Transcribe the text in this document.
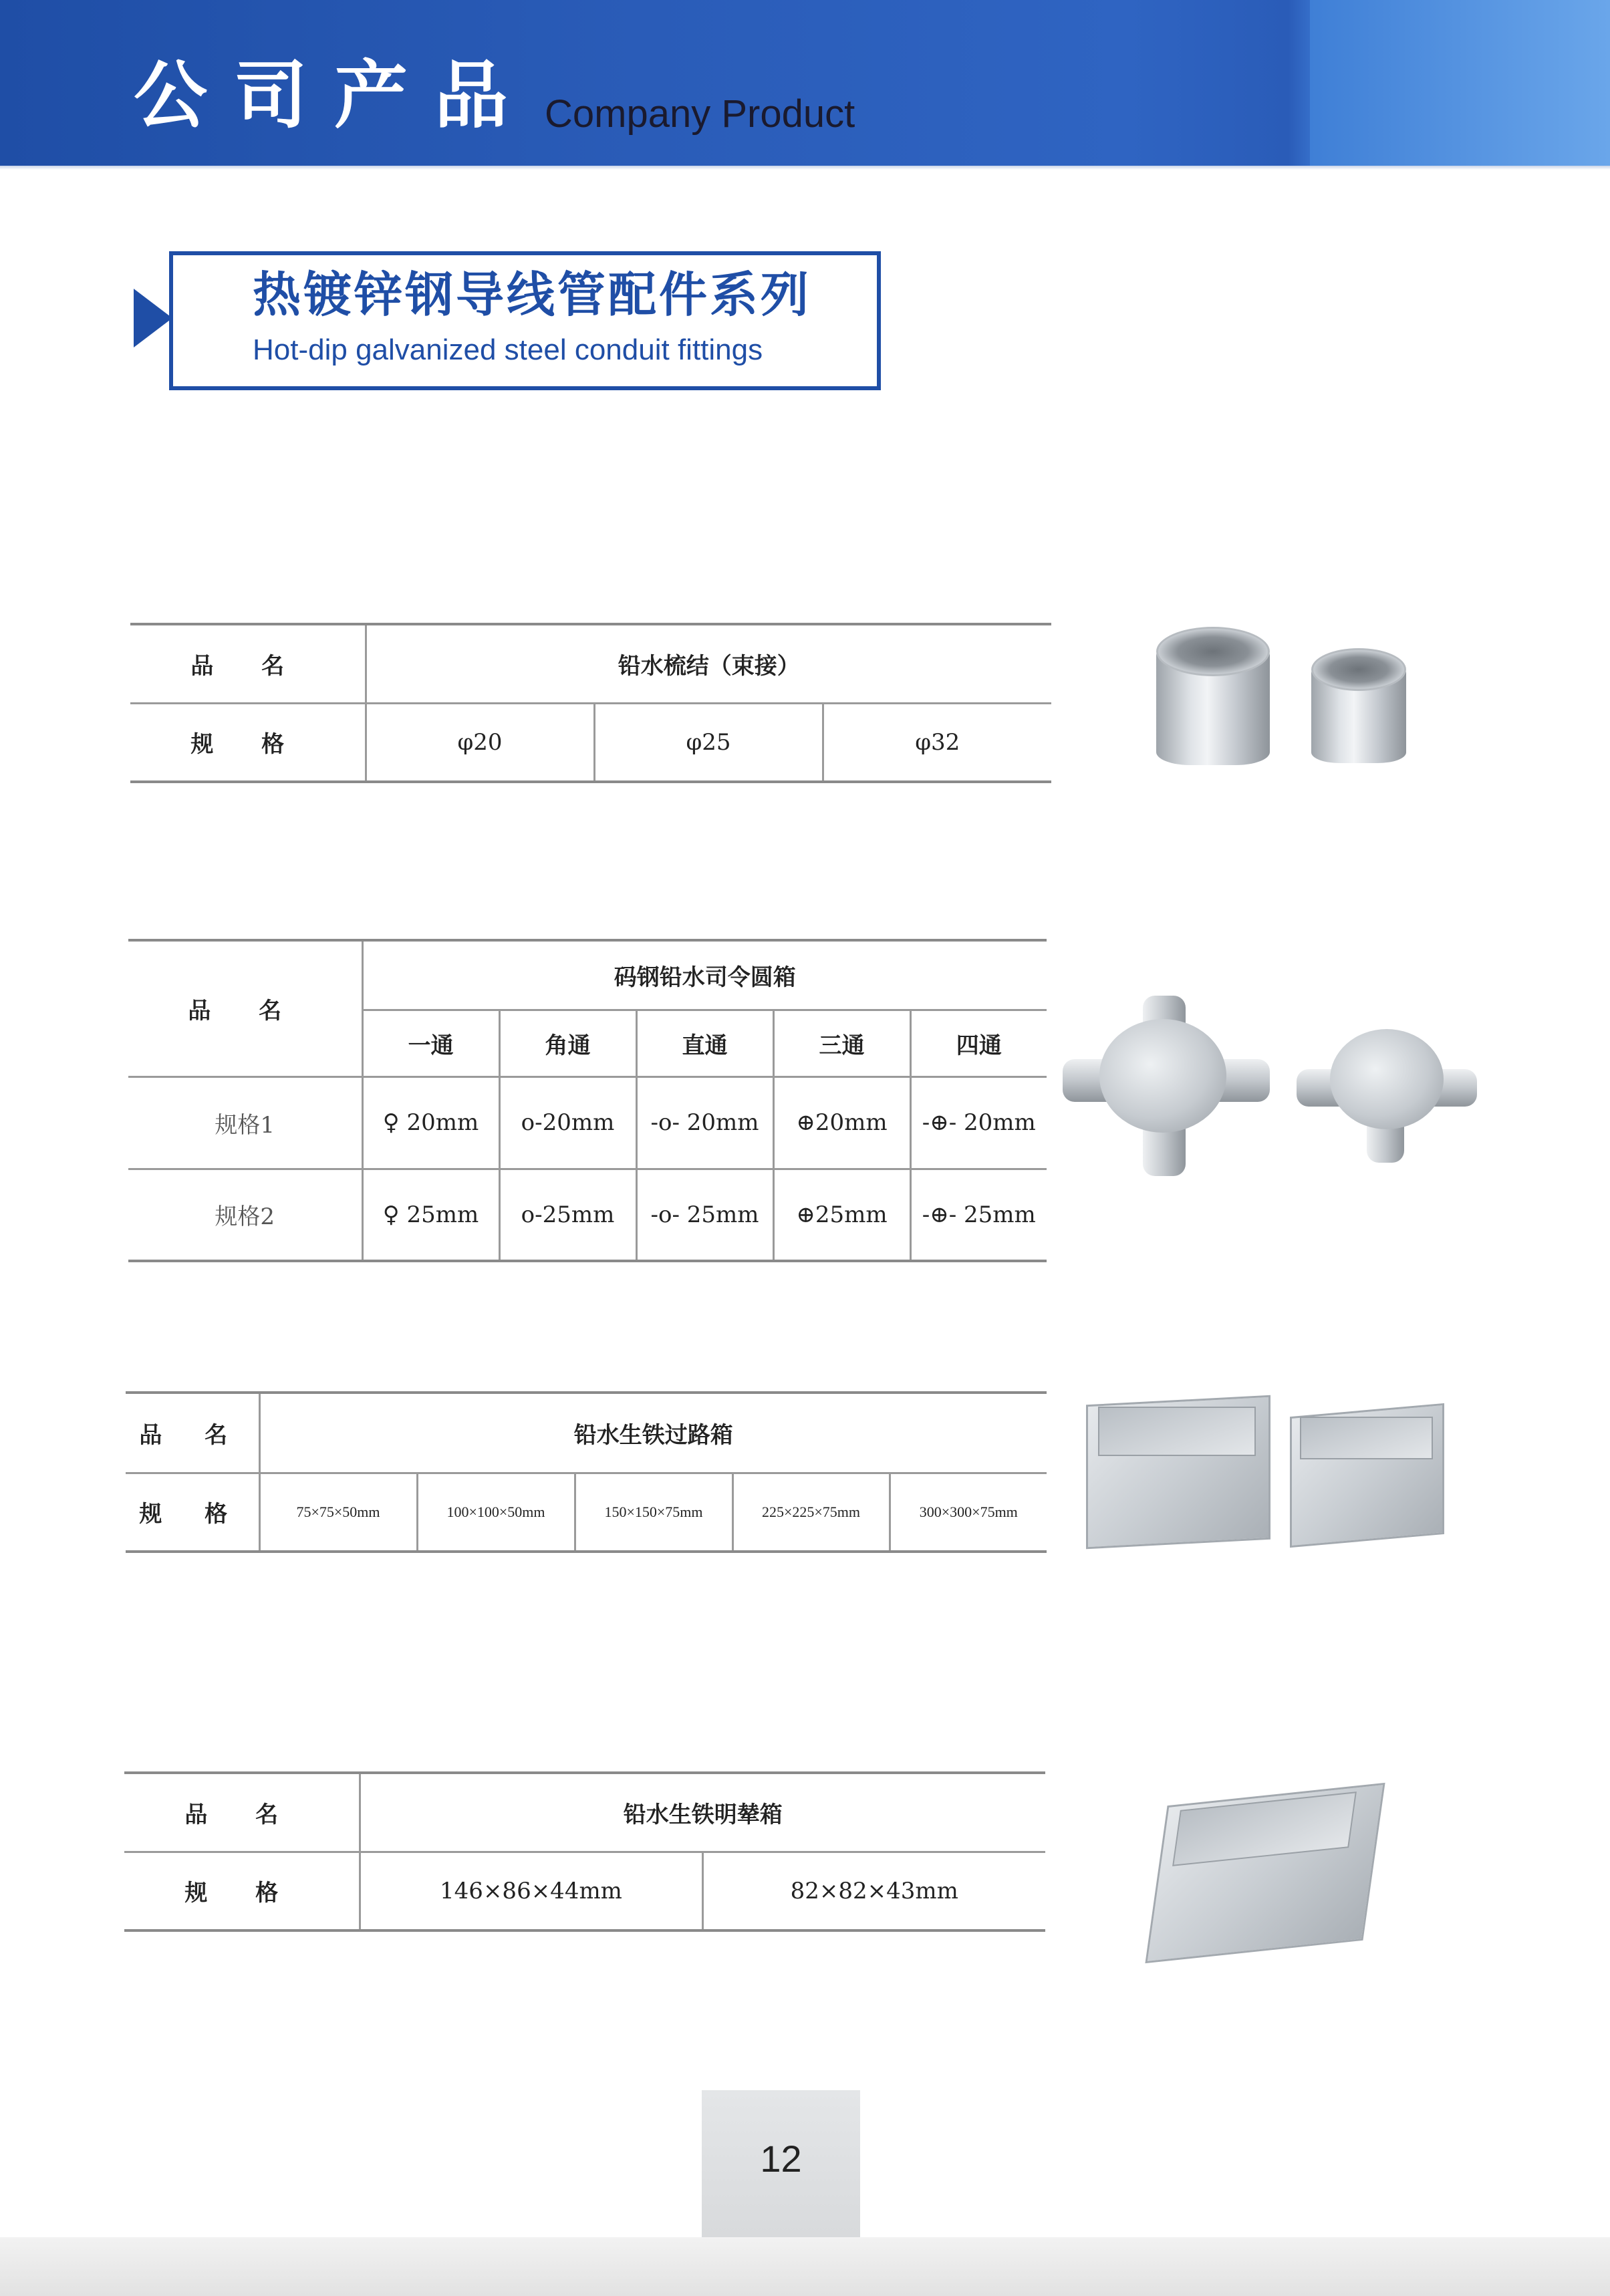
公司产品 Company Product
热镀锌钢导线管配件系列
Hot-dip galvanized steel conduit fittings
品 名	铅水梳结（束接）		
规 格	φ20	φ25	φ32
品 名	码钢铅水司令圆箱				
	一通	角通	直通	三通	四通
规格1	♀︎ 20mm	o-20mm	-o- 20mm	⊕︎20mm	-⊕︎- 20mm
规格2	♀︎ 25mm	o-25mm	-o- 25mm	⊕︎25mm	-⊕︎- 25mm
品 名	铅水生铁过路箱				
规 格	75×75×50mm	100×100×50mm	150×150×75mm	225×225×75mm	300×300×75mm
品 名	铅水生铁明辇箱	
规 格	146×86×44mm	82×82×43mm
12
